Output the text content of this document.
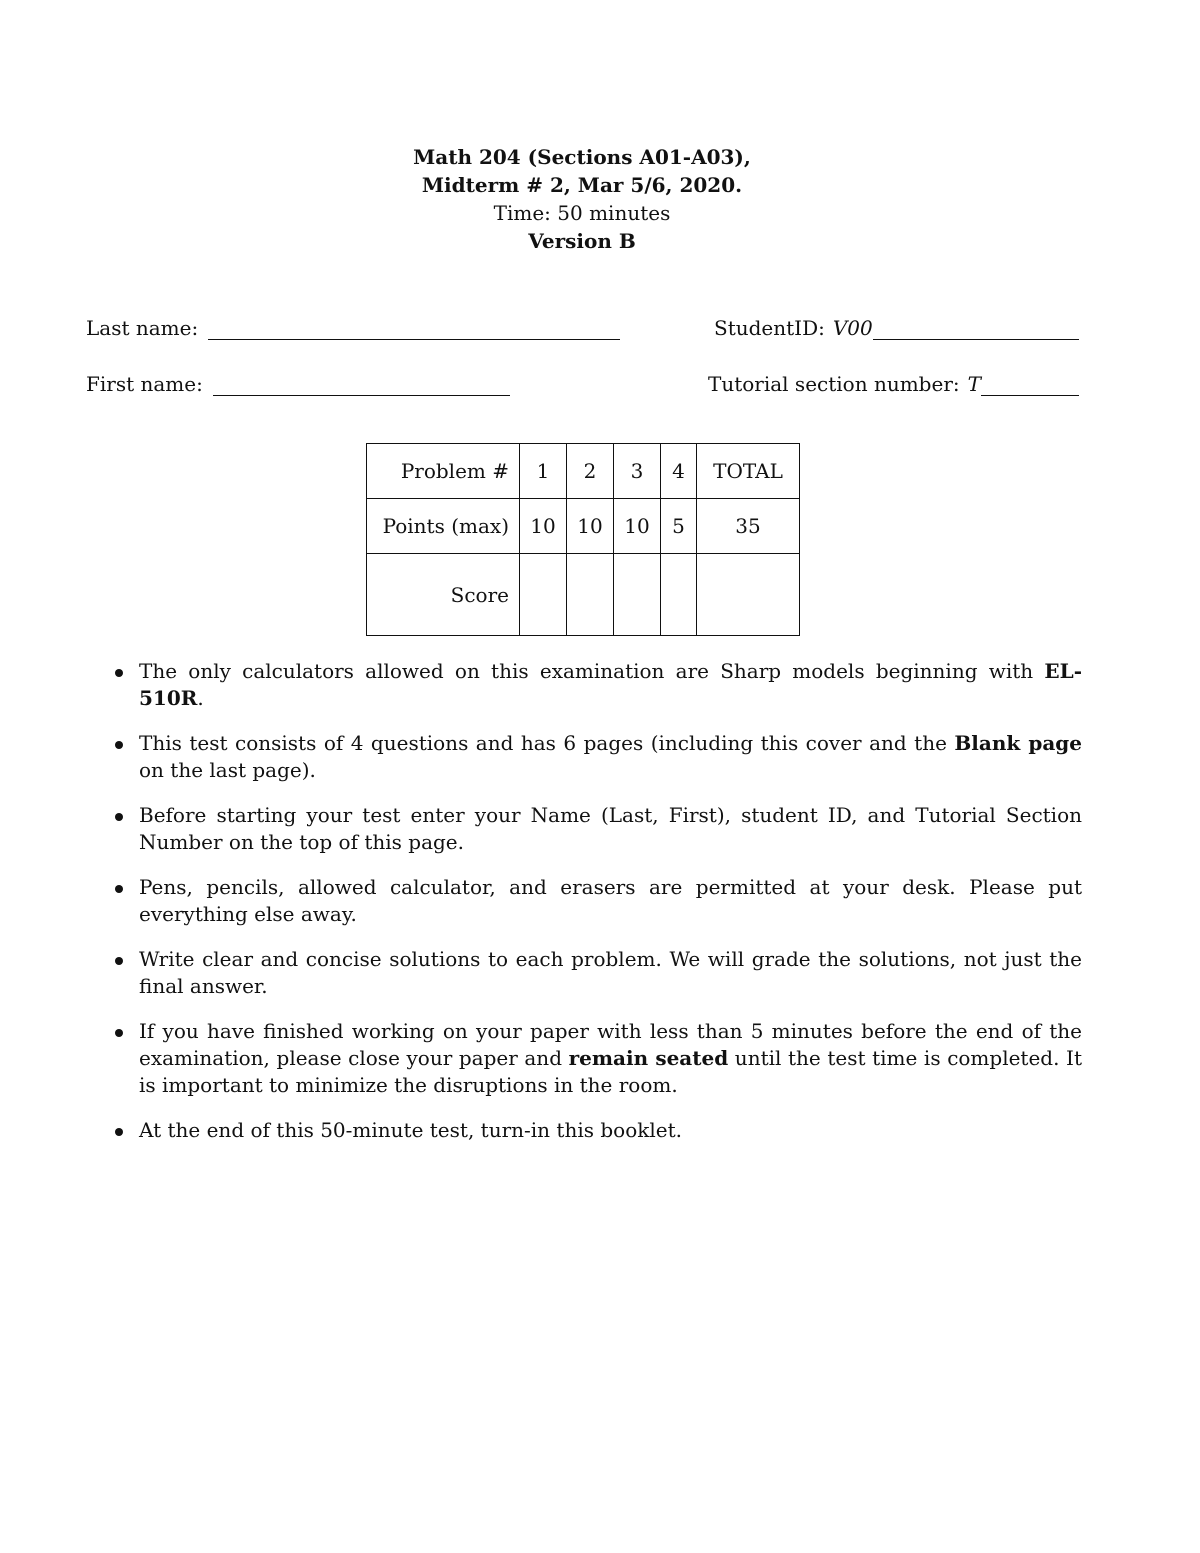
Math 204 (Sections A01-A03),
Midterm # 2, Mar 5/6, 2020.
Time: 50 minutes
Version B
Last name:	StudentID: V00
First name:	Tutorial section number: T
Problem #	1	2	3	4	TOTAL
Points (max)	10	10	10	5	35
Score					
The only calculators allowed on this examination are Sharp models beginning with EL-510R.
This test consists of 4 questions and has 6 pages (including this cover and the Blank page on the last page).
Before starting your test enter your Name (Last, First), student ID, and Tutorial Section Number on the top of this page.
Pens, pencils, allowed calculator, and erasers are permitted at your desk. Please put everything else away.
Write clear and concise solutions to each problem. We will grade the solutions, not just the final answer.
If you have finished working on your paper with less than 5 minutes before the end of the examination, please close your paper and remain seated until the test time is completed. It is important to minimize the disruptions in the room.
At the end of this 50-minute test, turn-in this booklet.
